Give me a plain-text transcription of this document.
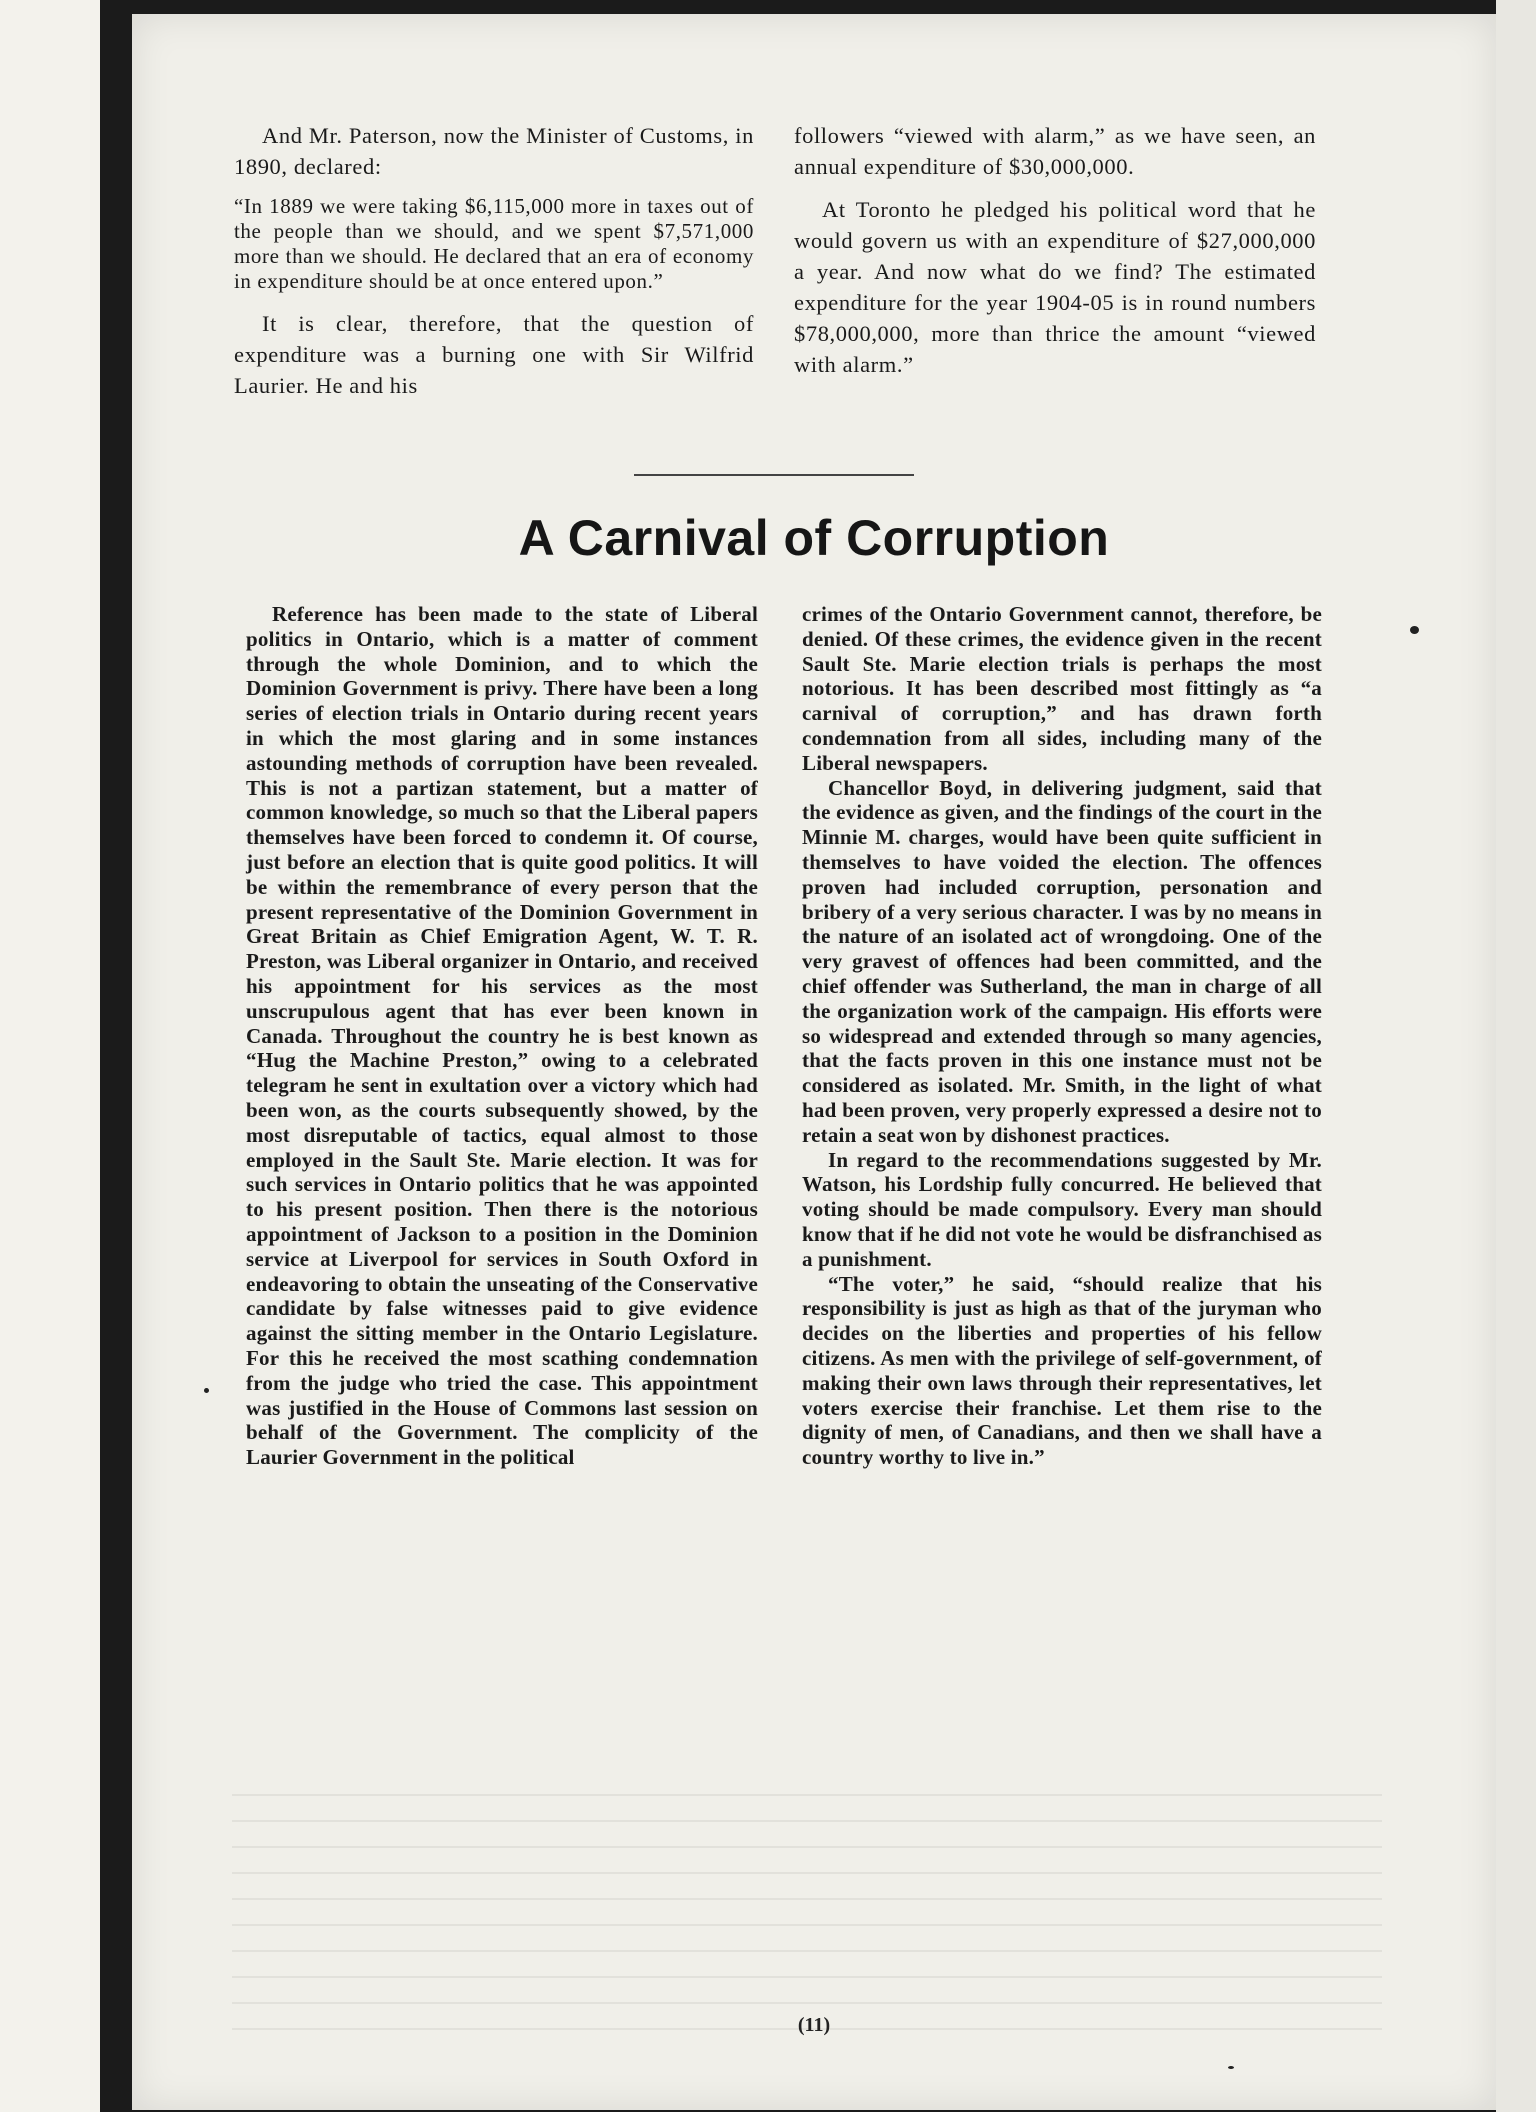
And Mr. Paterson, now the Minister of Customs, in 1890, declared:

“In 1889 we were taking $6,115,000 more in taxes out of the people than we should, and we spent $7,571,000 more than we should. He declared that an era of economy in expenditure should be at once entered upon.”

It is clear, therefore, that the question of expenditure was a burning one with Sir Wilfrid Laurier. He and his

followers “viewed with alarm,” as we have seen, an annual expenditure of $30,000,000.

At Toronto he pledged his political word that he would govern us with an expenditure of $27,000,000 a year. And now what do we find? The estimated expenditure for the year 1904-05 is in round numbers $78,000,000, more than thrice the amount “viewed with alarm.”

A Carnival of Corruption

Reference has been made to the state of Liberal politics in Ontario, which is a matter of comment through the whole Dominion, and to which the Dominion Government is privy. There have been a long series of election trials in Ontario during recent years in which the most glaring and in some instances astounding methods of corruption have been revealed. This is not a partizan statement, but a matter of common knowledge, so much so that the Liberal papers themselves have been forced to condemn it. Of course, just before an election that is quite good politics. It will be within the remembrance of every person that the present representative of the Dominion Government in Great Britain as Chief Emigration Agent, W. T. R. Preston, was Liberal organizer in Ontario, and received his appointment for his services as the most unscrupulous agent that has ever been known in Canada. Throughout the country he is best known as “Hug the Machine Preston,” owing to a celebrated telegram he sent in exultation over a victory which had been won, as the courts subsequently showed, by the most disreputable of tactics, equal almost to those employed in the Sault Ste. Marie election. It was for such services in Ontario politics that he was appointed to his present position. Then there is the notorious appointment of Jackson to a position in the Dominion service at Liverpool for services in South Oxford in endeavoring to obtain the unseating of the Conservative candidate by false witnesses paid to give evidence against the sitting member in the Ontario Legislature. For this he received the most scathing condemnation from the judge who tried the case. This appointment was justified in the House of Commons last session on behalf of the Government. The complicity of the Laurier Government in the political

crimes of the Ontario Government cannot, therefore, be denied. Of these crimes, the evidence given in the recent Sault Ste. Marie election trials is perhaps the most notorious. It has been described most fittingly as “a carnival of corruption,” and has drawn forth condemnation from all sides, including many of the Liberal newspapers.

Chancellor Boyd, in delivering judgment, said that the evidence as given, and the findings of the court in the Minnie M. charges, would have been quite sufficient in themselves to have voided the election. The offences proven had included corruption, personation and bribery of a very serious character. I was by no means in the nature of an isolated act of wrongdoing. One of the very gravest of offences had been committed, and the chief offender was Sutherland, the man in charge of all the organization work of the campaign. His efforts were so widespread and extended through so many agencies, that the facts proven in this one instance must not be considered as isolated. Mr. Smith, in the light of what had been proven, very properly expressed a desire not to retain a seat won by dishonest practices.

In regard to the recommendations suggested by Mr. Watson, his Lordship fully concurred. He believed that voting should be made compulsory. Every man should know that if he did not vote he would be disfranchised as a punishment.

“The voter,” he said, “should realize that his responsibility is just as high as that of the juryman who decides on the liberties and properties of his fellow citizens. As men with the privilege of self-government, of making their own laws through their representatives, let voters exercise their franchise. Let them rise to the dignity of men, of Canadians, and then we shall have a country worthy to live in.”

(11)
